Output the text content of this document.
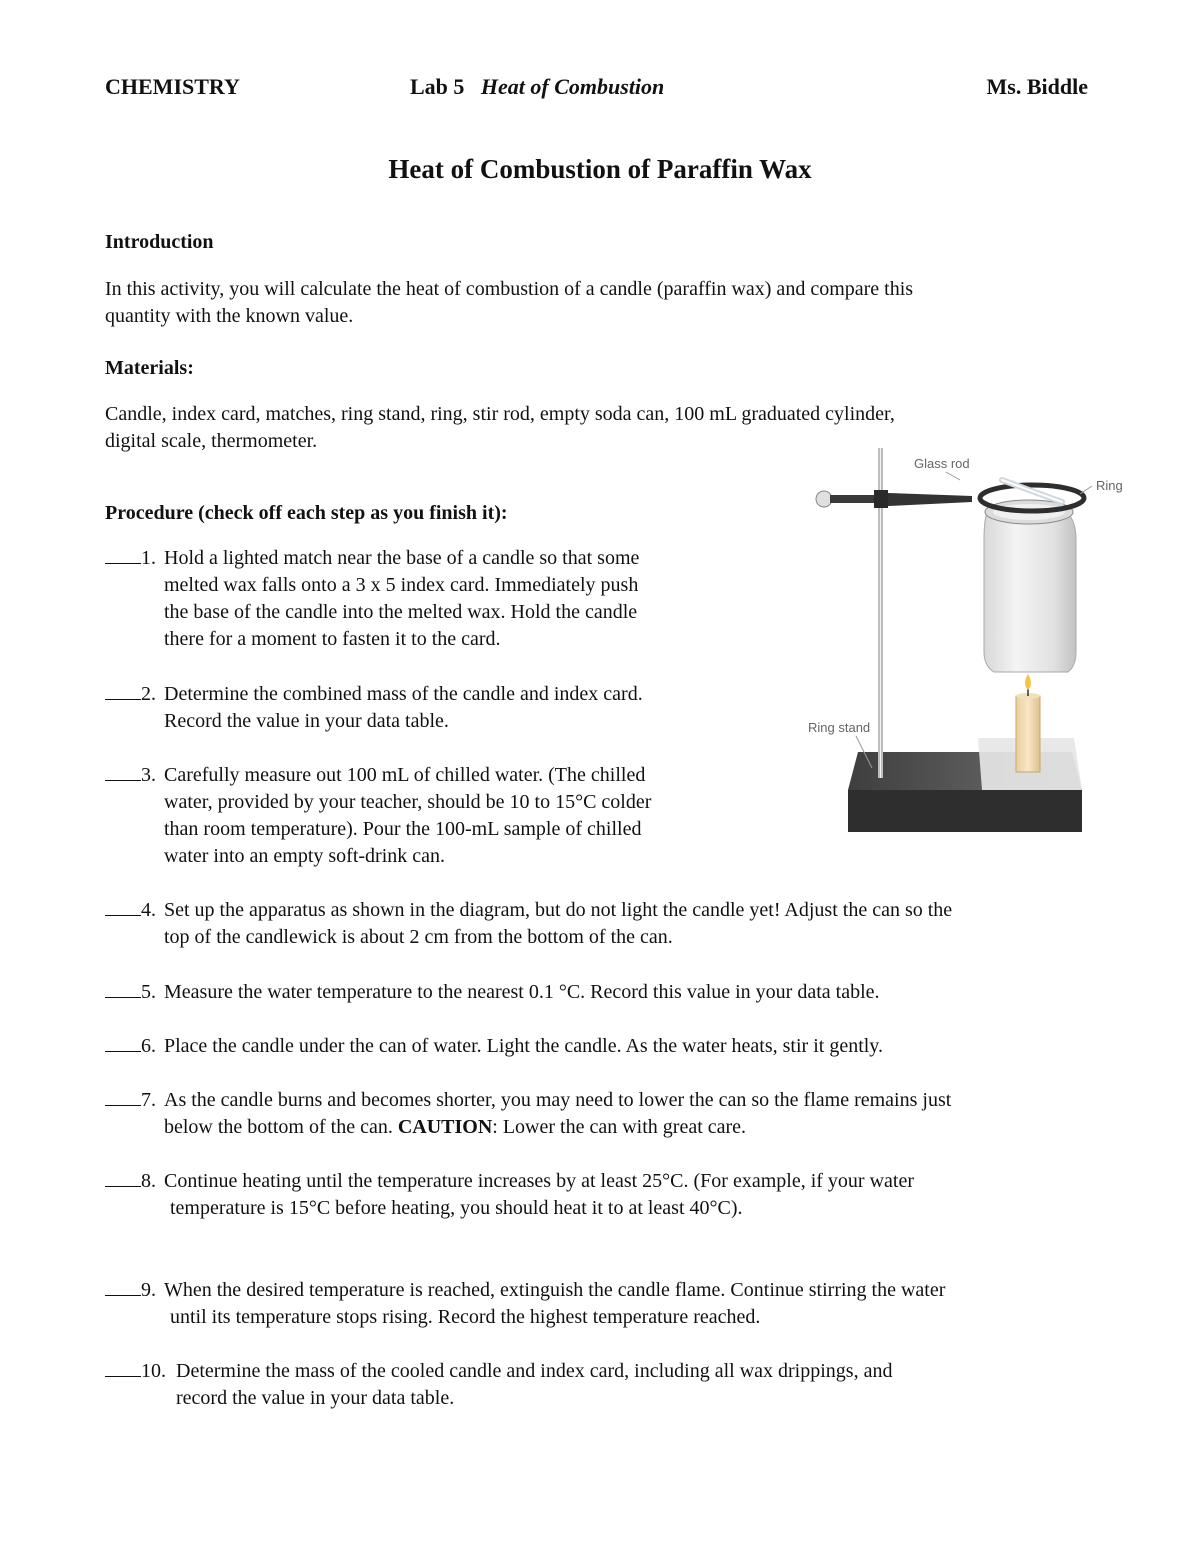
CHEMISTRY	Lab 5 Heat of Combustion	Ms. Biddle
Heat of Combustion of Paraffin Wax
Introduction
In this activity, you will calculate the heat of combustion of a candle (paraffin wax) and compare this
quantity with the known value.
Materials:
Candle, index card, matches, ring stand, ring, stir rod, empty soda can, 100 mL graduated cylinder,
digital scale, thermometer.
Procedure (check off each step as you finish it):
1. Hold a lighted match near the base of a candle so that some
melted wax falls onto a 3 x 5 index card. Immediately push
the base of the candle into the melted wax. Hold the candle
there for a moment to fasten it to the card.
2. Determine the combined mass of the candle and index card.
Record the value in your data table.
3. Carefully measure out 100 mL of chilled water. (The chilled
water, provided by your teacher, should be 10 to 15°C colder
than room temperature). Pour the 100-mL sample of chilled
water into an empty soft-drink can.
4. Set up the apparatus as shown in the diagram, but do not light the candle yet! Adjust the can so the
top of the candlewick is about 2 cm from the bottom of the can.
5. Measure the water temperature to the nearest 0.1 °C. Record this value in your data table.
6. Place the candle under the can of water. Light the candle. As the water heats, stir it gently.
7. As the candle burns and becomes shorter, you may need to lower the can so the flame remains just
below the bottom of the can. CAUTION: Lower the can with great care.
8. Continue heating until the temperature increases by at least 25°C. (For example, if your water
temperature is 15°C before heating, you should heat it to at least 40°C).
9. When the desired temperature is reached, extinguish the candle flame. Continue stirring the water
until its temperature stops rising. Record the highest temperature reached.
10. Determine the mass of the cooled candle and index card, including all wax drippings, and
record the value in your data table.
Glass rod
Ring
Ring stand
